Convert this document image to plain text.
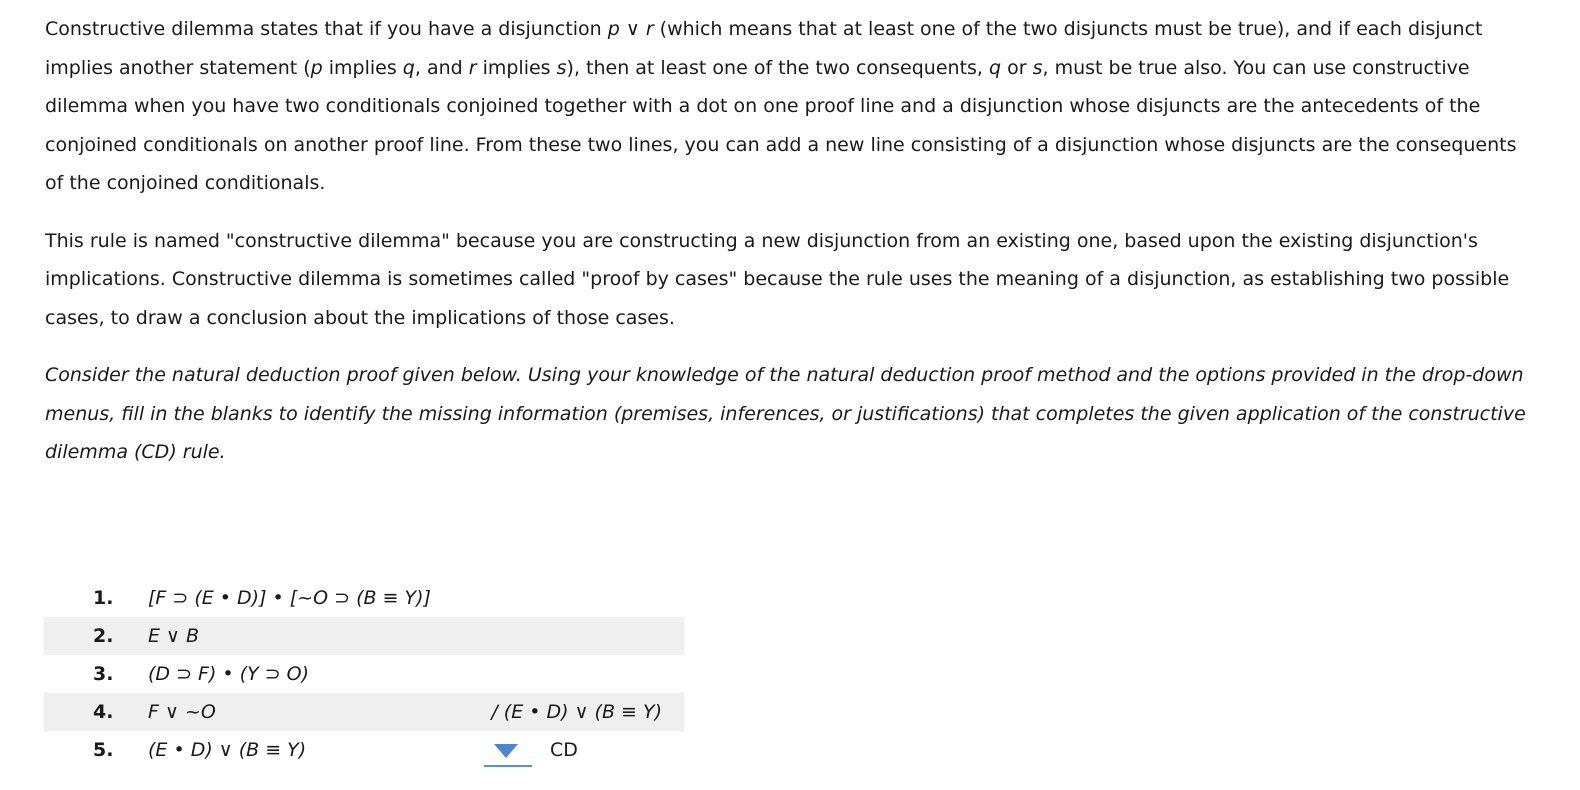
Constructive dilemma states that if you have a disjunction p ∨ r (which means that at least one of the two disjuncts must be true), and if each disjunct implies another statement (p implies q, and r implies s), then at least one of the two consequents, q or s, must be true also. You can use constructive dilemma when you have two conditionals conjoined together with a dot on one proof line and a disjunction whose disjuncts are the antecedents of the conjoined conditionals on another proof line. From these two lines, you can add a new line consisting of a disjunction whose disjuncts are the consequents of the conjoined conditionals.

This rule is named "constructive dilemma" because you are constructing a new disjunction from an existing one, based upon the existing disjunction's implications. Constructive dilemma is sometimes called "proof by cases" because the rule uses the meaning of a disjunction, as establishing two possible cases, to draw a conclusion about the implications of those cases.

Consider the natural deduction proof given below. Using your knowledge of the natural deduction proof method and the options provided in the drop-down menus, fill in the blanks to identify the missing information (premises, inferences, or justifications) that completes the given application of the constructive dilemma (CD) rule.

1. [F ⊃ (E • D)] • [~O ⊃ (B ≡ Y)]
2. E ∨ B
3. (D ⊃ F) • (Y ⊃ O)
4. F ∨ ~O	/ (E • D) ∨ (B ≡ Y)
5. (E • D) ∨ (B ≡ Y)	CD
